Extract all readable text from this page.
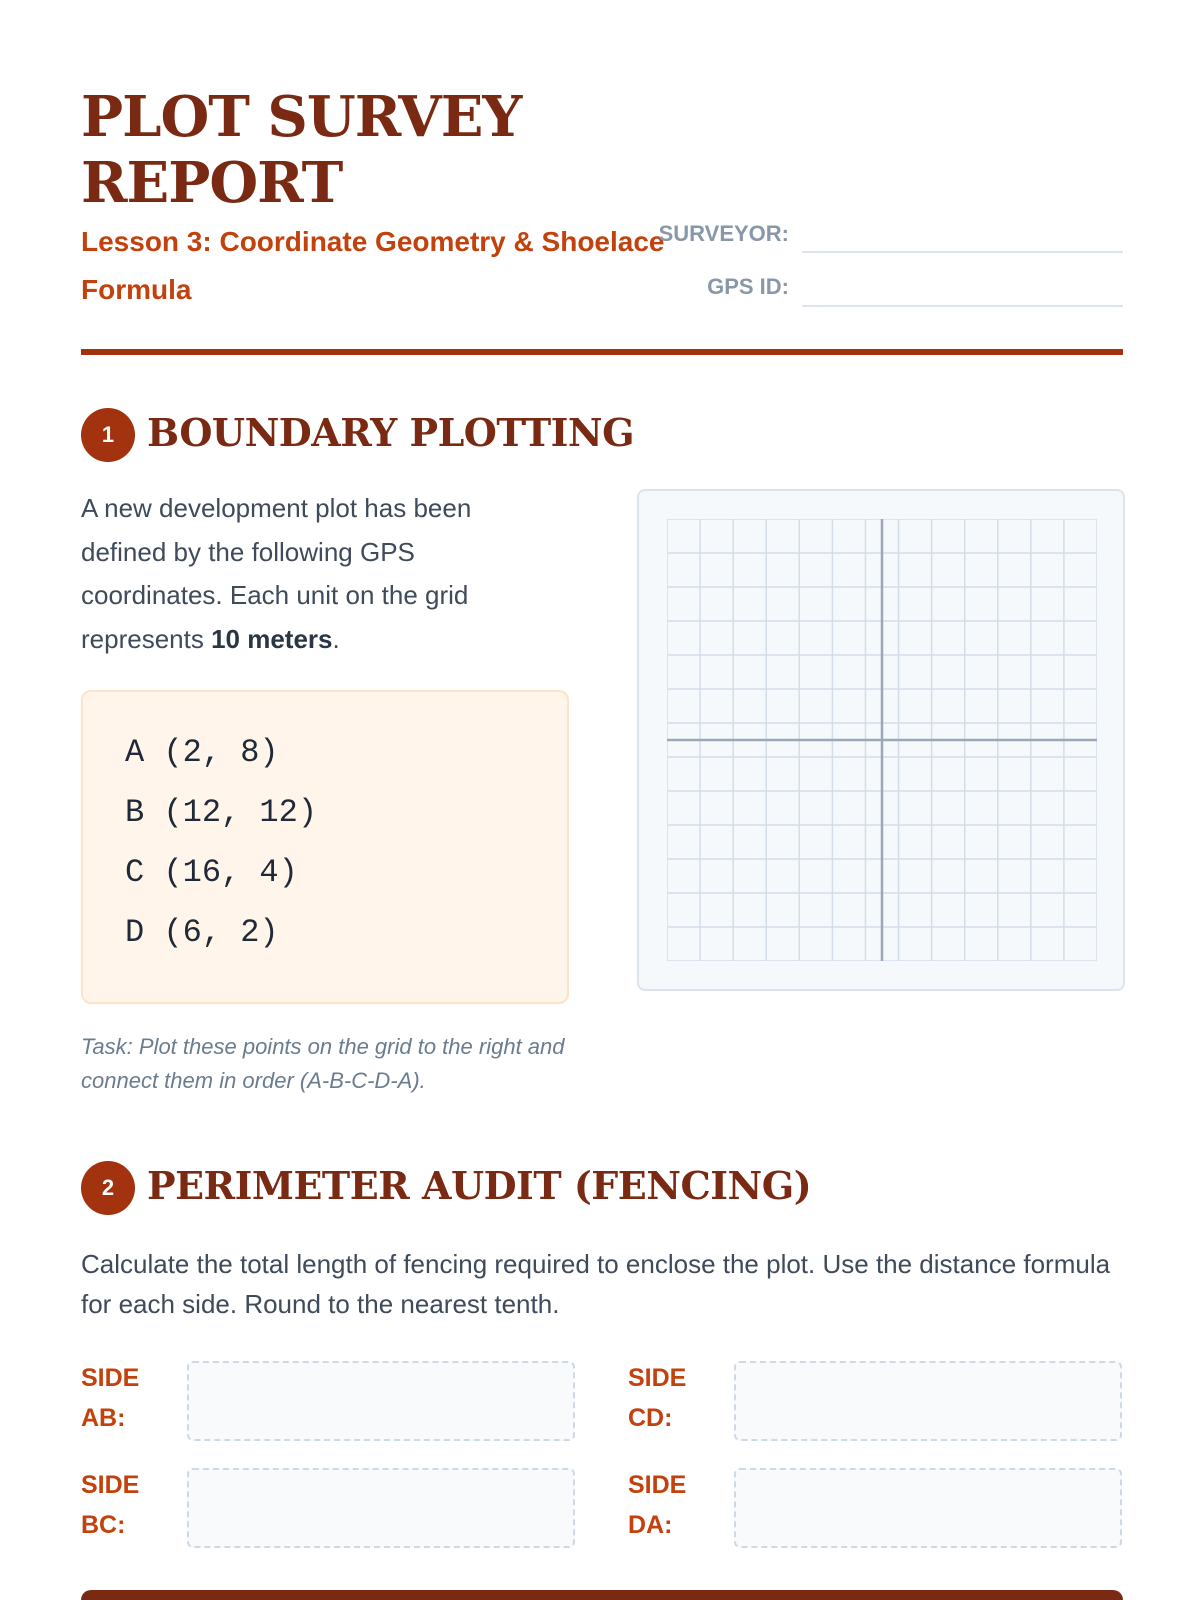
PLOT SURVEY REPORT
Lesson 3: Coordinate Geometry & Shoelace Formula
SURVEYOR:
GPS ID:
1 BOUNDARY PLOTTING
A new development plot has been defined by the following GPS coordinates. Each unit on the grid represents 10 meters.
A (2, 8)
B (12, 12)
C (16, 4)
D (6, 2)
Task: Plot these points on the grid to the right and connect them in order (A-B-C-D-A).
2 PERIMETER AUDIT (FENCING)
Calculate the total length of fencing required to enclose the plot. Use the distance formula for each side. Round to the nearest tenth.
SIDE AB:
SIDE CD:
SIDE BC:
SIDE DA:
